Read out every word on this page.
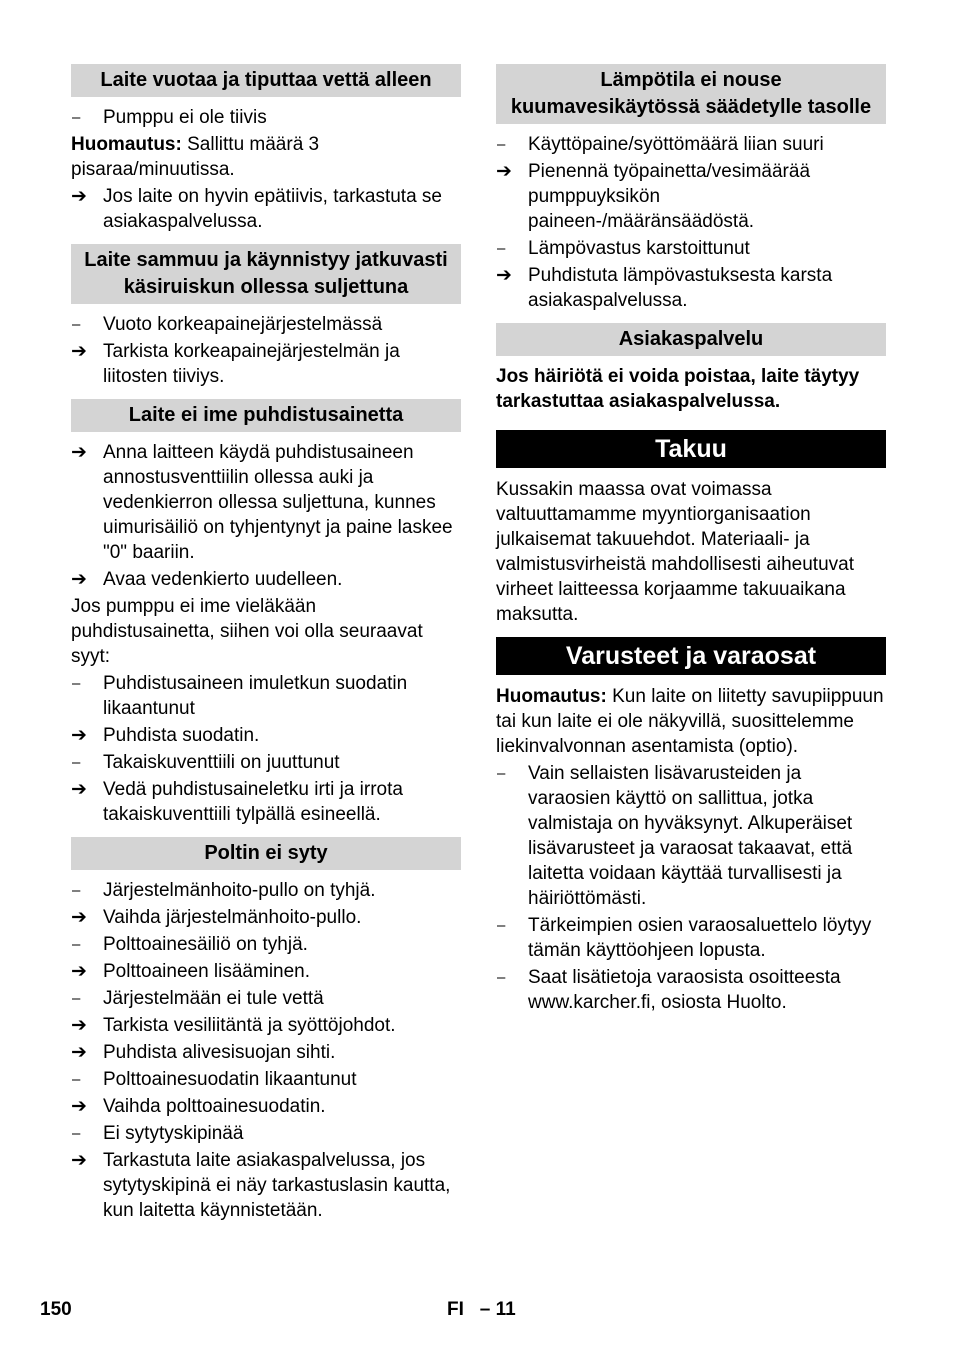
Laite vuotaa ja tiputtaa vettä alleen
–	Pumppu ei ole tiivis
Huomautus: Sallittu määrä 3 pisaraa/minuutissa.
➔ Jos laite on hyvin epätiivis, tarkastuta se asiakaspalvelussa.
Laite sammuu ja käynnistyy jatkuvasti käsiruiskun ollessa suljettuna
–	Vuoto korkeapainejärjestelmässä
➔ Tarkista korkeapainejärjestelmän ja liitosten tiiviys.
Laite ei ime puhdistusainetta
➔ Anna laitteen käydä puhdistusaineen annostusventtiilin ollessa auki ja vedenkierron ollessa suljettuna, kunnes uimurisäiliö on tyhjentynyt ja paine laskee "0" baariin.
➔ Avaa vedenkierto uudelleen.
Jos pumppu ei ime vieläkään puhdistusainetta, siihen voi olla seuraavat syyt:
–	Puhdistusaineen imuletkun suodatin likaantunut
➔ Puhdista suodatin.
–	Takaiskuventtiili on juuttunut
➔ Vedä puhdistusaineletku irti ja irrota takaiskuventtiili tylpällä esineellä.
Poltin ei syty
–	Järjestelmänhoito-pullo on tyhjä.
➔ Vaihda järjestelmänhoito-pullo.
–	Polttoainesäiliö on tyhjä.
➔ Polttoaineen lisääminen.
–	Järjestelmään ei tule vettä
➔ Tarkista vesiliitäntä ja syöttöjohdot.
➔ Puhdista alivesisuojan sihti.
–	Polttoainesuodatin likaantunut
➔ Vaihda polttoainesuodatin.
–	Ei sytytyskipinää
➔ Tarkastuta laite asiakaspalvelussa, jos sytytyskipinä ei näy tarkastuslasin kautta, kun laitetta käynnistetään.
Lämpötila ei nouse kuumavesikäytössä säädetylle tasolle
–	Käyttöpaine/syöttömäärä liian suuri
➔ Pienennä työpainetta/vesimäärää pumppuyksikön paineen-/määränsäädöstä.
–	Lämpövastus karstoittunut
➔ Puhdistuta lämpövastuksesta karsta asiakaspalvelussa.
Asiakaspalvelu
Jos häiriötä ei voida poistaa, laite täytyy tarkastuttaa asiakaspalvelussa.
Takuu
Kussakin maassa ovat voimassa valtuuttamamme myyntiorganisaation julkaisemat takuuehdot. Materiaali- ja valmistusvirheistä mahdollisesti aiheutuvat virheet laitteessa korjaamme takuuaikana maksutta.
Varusteet ja varaosat
Huomautus: Kun laite on liitetty savupiippuun tai kun laite ei ole näkyvillä, suosittelemme liekinvalvonnan asentamista (optio).
–	Vain sellaisten lisävarusteiden ja varaosien käyttö on sallittua, jotka valmistaja on hyväksynyt. Alkuperäiset lisävarusteet ja varaosat takaavat, että laitetta voidaan käyttää turvallisesti ja häiriöttömästi.
–	Tärkeimpien osien varaosaluettelo löytyy tämän käyttöohjeen lopusta.
–	Saat lisätietoja varaosista osoitteesta www.karcher.fi, osiosta Huolto.
150	FI   – 11
